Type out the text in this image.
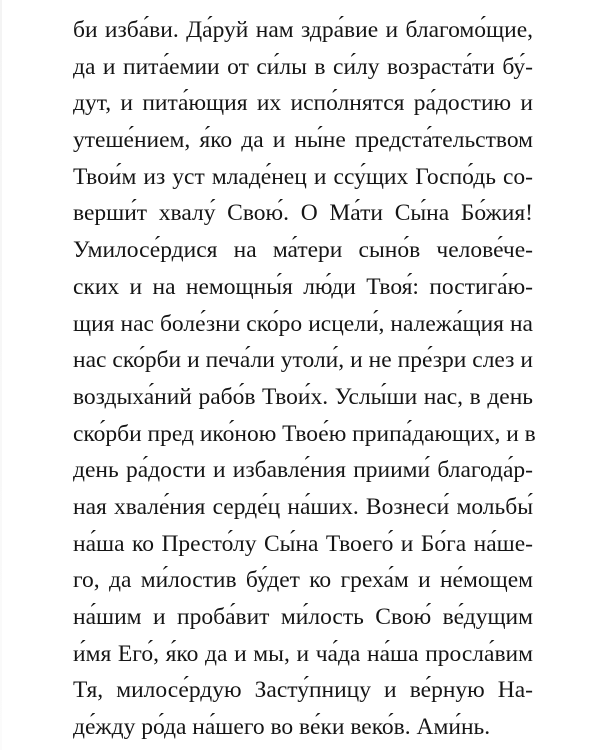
би изба́ви. Да́руй нам здра́вие и благомо́щие,
да и пита́емии от си́лы в си́лу возраста́ти бу́-
дут, и пита́ющия их испо́лнятся ра́достию и
утеше́нием, я́ко да и ны́не предста́тельством
Твои́м из уст младе́нец и ссу́щих Госпо́дь со-
верши́т хвалу́ Свою́. О Ма́ти Сы́на Бо́жия!
Умилосе́рдися на ма́тери сыно́в челове́че-
ских и на немощны́я лю́ди Твоя́: постига́ю-
щия нас боле́зни ско́ро исцели́, належа́щия на
нас ско́рби и печа́ли утоли́, и не пре́зри слез и
воздыха́ний рабо́в Твои́х. Услы́ши нас, в день
ско́рби пред ико́ною Твое́ю припа́дающих, и в
день ра́дости и избавле́ния приими́ благода́р-
ная хвале́ния серде́ц на́ших. Вознеси́ мольбы́
на́ша ко Престо́лу Сы́на Твоего́ и Бо́га на́ше-
го, да ми́лостив бу́дет ко греха́м и не́мощем
на́шим и проба́вит ми́лость Свою́ ве́дущим
и́мя Его́, я́ко да и мы, и ча́да на́ша просла́вим
Тя, милосе́рдую Засту́пницу и ве́рную На-
де́жду ро́да на́шего во ве́ки веко́в. Ами́нь.
